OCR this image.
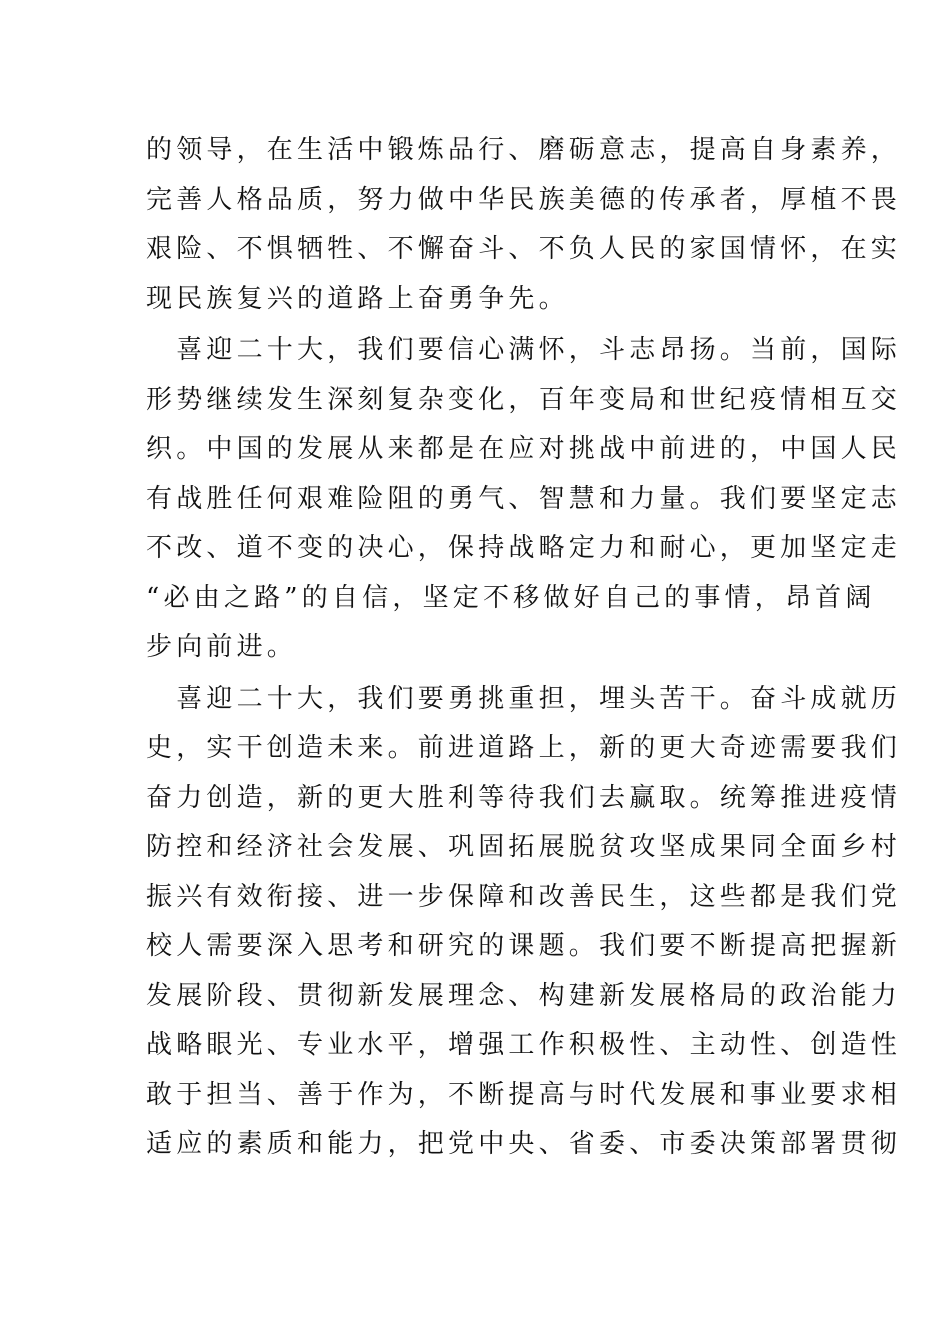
的领导，在生活中锻炼品行、磨砺意志，提高自身素养，
完善人格品质，努力做中华民族美德的传承者，厚植不畏
艰险、不惧牺牲、不懈奋斗、不负人民的家国情怀，在实
现民族复兴的道路上奋勇争先。

　喜迎二十大，我们要信心满怀，斗志昂扬。当前，国际
形势继续发生深刻复杂变化，百年变局和世纪疫情相互交
织。中国的发展从来都是在应对挑战中前进的，中国人民
有战胜任何艰难险阻的勇气、智慧和力量。我们要坚定志
不改、道不变的决心，保持战略定力和耐心，更加坚定走
“必由之路”的自信，坚定不移做好自己的事情，昂首阔
步向前进。

　喜迎二十大，我们要勇挑重担，埋头苦干。奋斗成就历
史，实干创造未来。前进道路上，新的更大奇迹需要我们
奋力创造，新的更大胜利等待我们去赢取。统筹推进疫情
防控和经济社会发展、巩固拓展脱贫攻坚成果同全面乡村
振兴有效衔接、进一步保障和改善民生，这些都是我们党
校人需要深入思考和研究的课题。我们要不断提高把握新
发展阶段、贯彻新发展理念、构建新发展格局的政治能力
战略眼光、专业水平，增强工作积极性、主动性、创造性
敢于担当、善于作为，不断提高与时代发展和事业要求相
适应的素质和能力，把党中央、省委、市委决策部署贯彻
